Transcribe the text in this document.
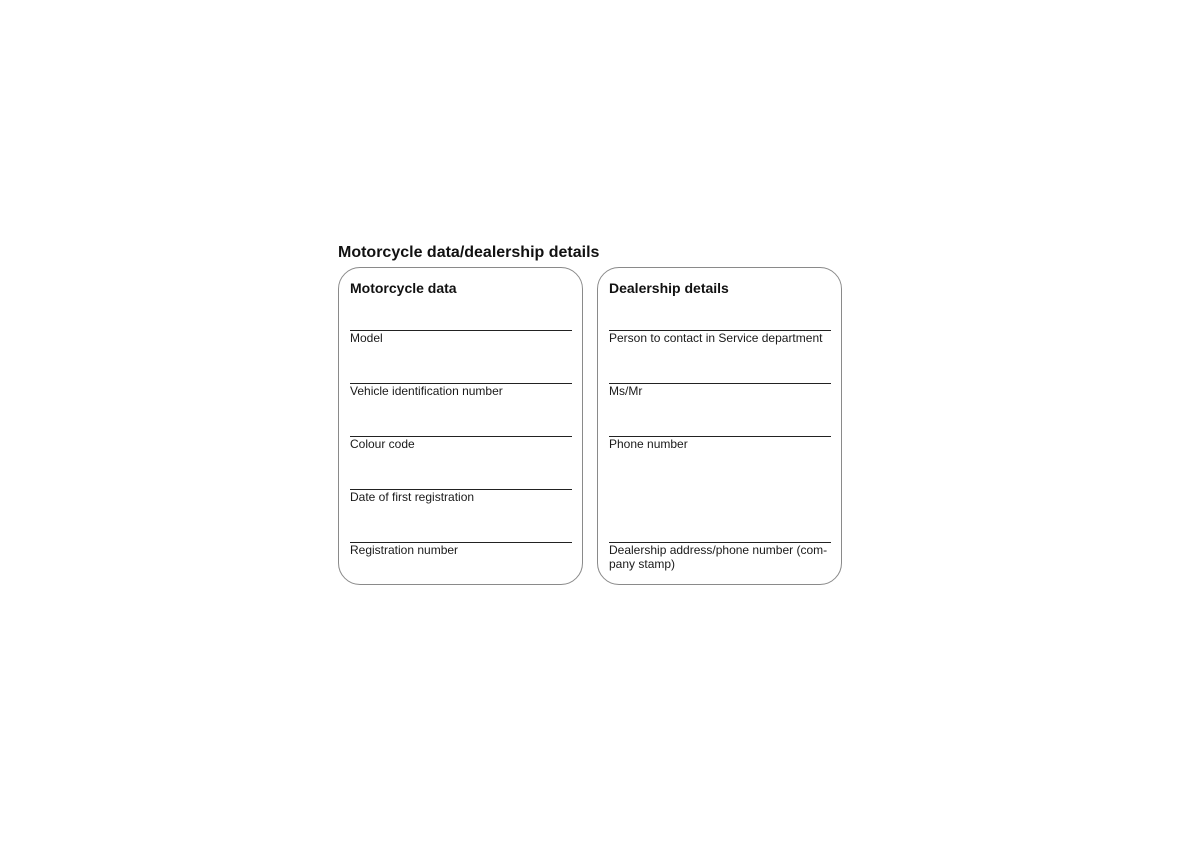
Motorcycle data/dealership details
Motorcycle data
Model
Vehicle identification number
Colour code
Date of first registration
Registration number
Dealership details
Person to contact in Service department
Ms/Mr
Phone number
Dealership address/phone number (com-
pany stamp)
